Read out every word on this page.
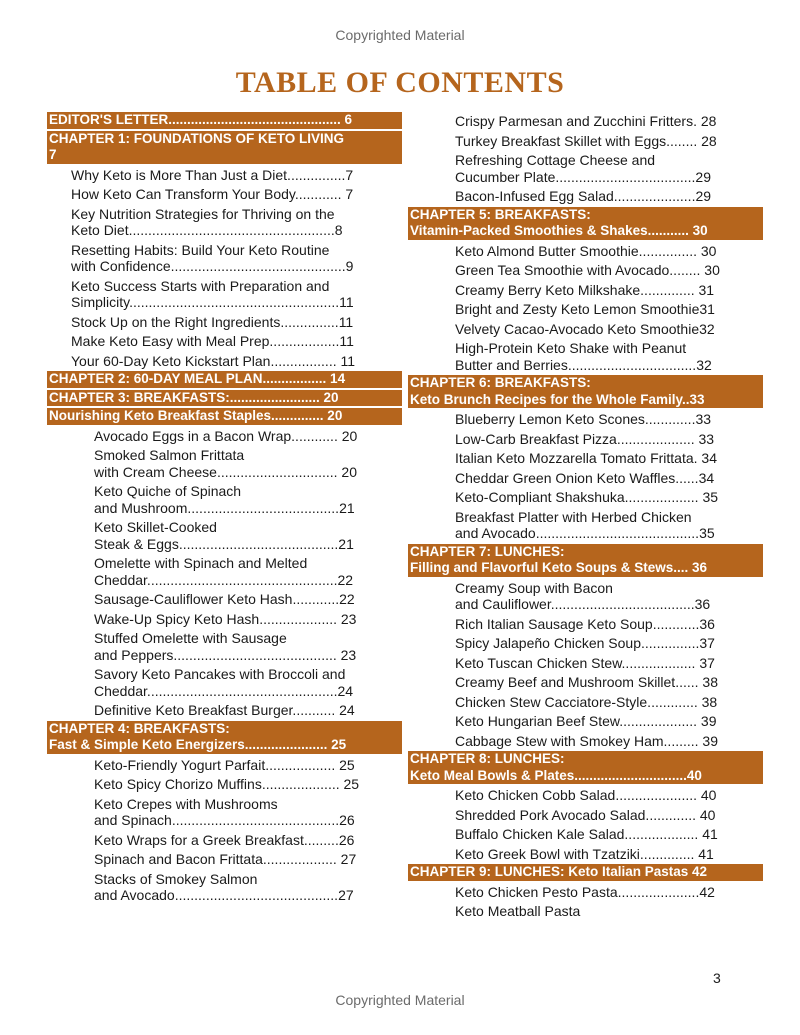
Copyrighted Material
TABLE OF CONTENTS
EDITOR'S LETTER.............................................. 6
CHAPTER 1: FOUNDATIONS OF KETO LIVING
7
Why Keto is More Than Just a Diet...............7
How Keto Can Transform Your Body............ 7
Key Nutrition Strategies for Thriving on the
Keto Diet.....................................................8
Resetting Habits: Build Your Keto Routine
with Confidence.............................................9
Keto Success Starts with Preparation and
Simplicity......................................................11
Stock Up on the Right Ingredients...............11
Make Keto Easy with Meal Prep..................11
Your 60-Day Keto Kickstart Plan................. 11
CHAPTER 2: 60-DAY MEAL PLAN................. 14
CHAPTER 3: BREAKFASTS:........................ 20
Nourishing Keto Breakfast Staples.............. 20
Avocado Eggs in a Bacon Wrap............ 20
Smoked Salmon Frittata
with Cream Cheese............................... 20
Keto Quiche of Spinach
and Mushroom.......................................21
Keto Skillet-Cooked
Steak & Eggs.........................................21
Omelette with Spinach and Melted
Cheddar.................................................22
Sausage-Cauliflower Keto Hash............22
Wake-Up Spicy Keto Hash.................... 23
Stuffed Omelette with Sausage
and Peppers.......................................... 23
Savory Keto Pancakes with Broccoli and
Cheddar.................................................24
Definitive Keto Breakfast Burger........... 24
CHAPTER 4: BREAKFASTS:
Fast & Simple Keto Energizers...................... 25
Keto-Friendly Yogurt Parfait.................. 25
Keto Spicy Chorizo Muffins.................... 25
Keto Crepes with Mushrooms
and Spinach...........................................26
Keto Wraps for a Greek Breakfast.........26
Spinach and Bacon Frittata................... 27
Stacks of Smokey Salmon
and Avocado..........................................27
Crispy Parmesan and Zucchini Fritters. 28
Turkey Breakfast Skillet with Eggs........ 28
Refreshing Cottage Cheese and
Cucumber Plate....................................29
Bacon-Infused Egg Salad.....................29
CHAPTER 5: BREAKFASTS:
Vitamin-Packed Smoothies & Shakes........... 30
Keto Almond Butter Smoothie............... 30
Green Tea Smoothie with Avocado........ 30
Creamy Berry Keto Milkshake.............. 31
Bright and Zesty Keto Lemon Smoothie31
Velvety Cacao-Avocado Keto Smoothie32
High-Protein Keto Shake with Peanut
Butter and Berries.................................32
CHAPTER 6: BREAKFASTS:
Keto Brunch Recipes for the Whole Family..33
Blueberry Lemon Keto Scones.............33
Low-Carb Breakfast Pizza.................... 33
Italian Keto Mozzarella Tomato Frittata. 34
Cheddar Green Onion Keto Waffles......34
Keto-Compliant Shakshuka................... 35
Breakfast Platter with Herbed Chicken
and Avocado..........................................35
CHAPTER 7: LUNCHES:
Filling and Flavorful Keto Soups & Stews.... 36
Creamy Soup with Bacon
and Cauliflower.....................................36
Rich Italian Sausage Keto Soup............36
Spicy Jalapeño Chicken Soup...............37
Keto Tuscan Chicken Stew................... 37
Creamy Beef and Mushroom Skillet...... 38
Chicken Stew Cacciatore-Style............. 38
Keto Hungarian Beef Stew.................... 39
Cabbage Stew with Smokey Ham......... 39
CHAPTER 8: LUNCHES:
Keto Meal Bowls & Plates..............................40
Keto Chicken Cobb Salad..................... 40
Shredded Pork Avocado Salad............. 40
Buffalo Chicken Kale Salad................... 41
Keto Greek Bowl with Tzatziki.............. 41
CHAPTER 9: LUNCHES: Keto Italian Pastas 42
Keto Chicken Pesto Pasta.....................42
Keto Meatball Pasta
3
Copyrighted Material
